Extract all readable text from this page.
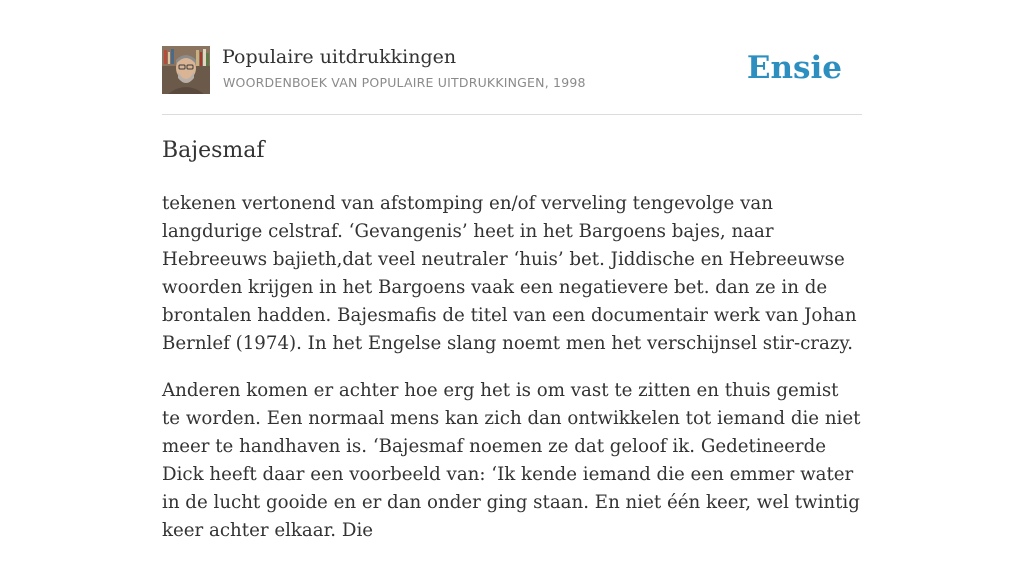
Populaire uitdrukkingen
WOORDENBOEK VAN POPULAIRE UITDRUKKINGEN, 1998	Ensie
Bajesmaf

tekenen vertonend van afstomping en/of verveling tengevolge van langdurige celstraf. ‘Gevangenis’ heet in het Bargoens bajes, naar Hebreeuws bajieth,dat veel neutraler ‘huis’ bet. Jiddische en Hebreeuwse woorden krijgen in het Bargoens vaak een negatievere bet. dan ze in de brontalen hadden. Bajesmafis de titel van een documentair werk van Johan Bernlef (1974). In het Engelse slang noemt men het verschijnsel stir-crazy.

Anderen komen er achter hoe erg het is om vast te zitten en thuis gemist te worden. Een normaal mens kan zich dan ontwikkelen tot iemand die niet meer te handhaven is. ‘Bajesmaf noemen ze dat geloof ik. Gedetineerde Dick heeft daar een voorbeeld van: ‘Ik kende iemand die een emmer water in de lucht gooide en er dan onder ging staan. En niet één keer, wel twintig keer achter elkaar. Die
